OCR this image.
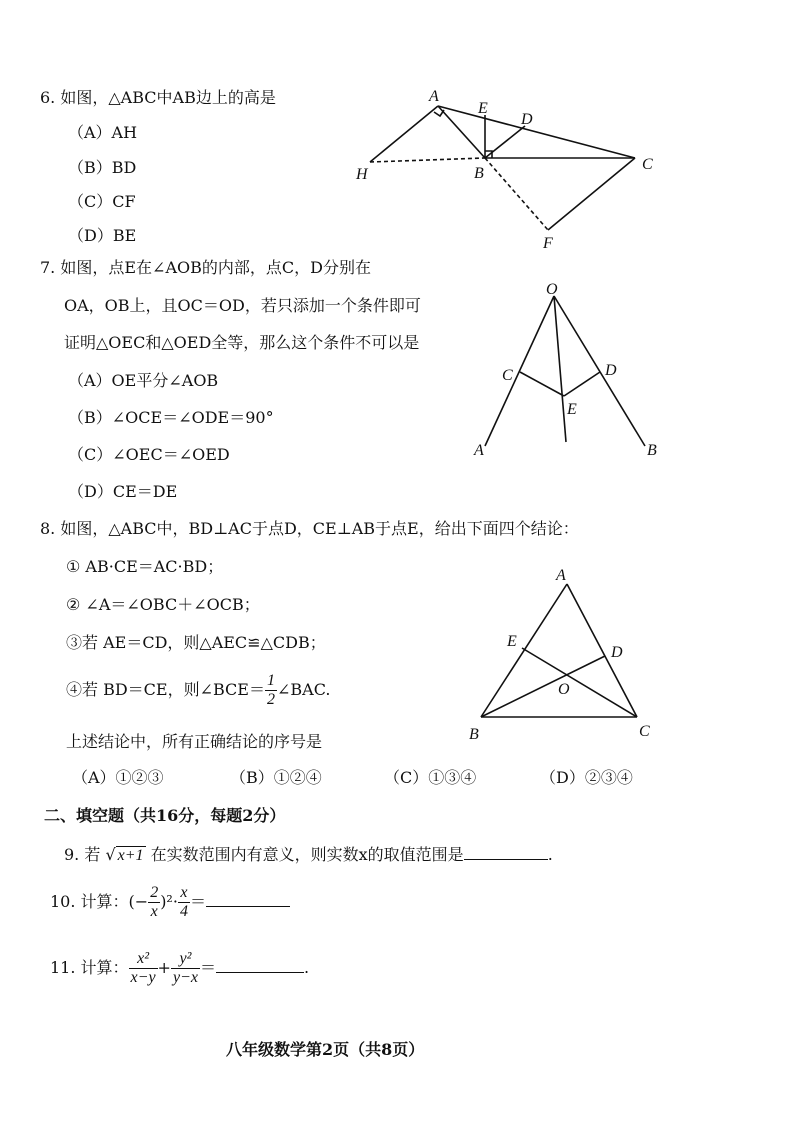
6. 如图，△ABC中AB边上的高是
（A）AH
（B）BD
（C）CF
（D）BE
A
E
D
C
H	B
F
O
C	D
E
A	B
A
E
D
O
B	C
7. 如图，点E在∠AOB的内部，点C，D分别在
OA，OB上，且OC＝OD，若只添加一个条件即可
证明△OEC和△OED全等，那么这个条件不可以是
（A）OE平分∠AOB
（B）∠OCE＝∠ODE＝90°
（C）∠OEC＝∠OED
（D）CE＝DE
8. 如图，△ABC中，BD⊥AC于点D，CE⊥AB于点E，给出下面四个结论：
① AB·CE＝AC·BD；
② ∠A＝∠OBC＋∠OCB；
③若 AE＝CD，则△AEC≌△CDB；
④若 BD＝CE，则∠BCE＝ $\frac{1}{2}$ ∠BAC.
上述结论中，所有正确结论的序号是
（A）①②③	（B）①②④	（C）①③④	（D）②③④
二、填空题（共16分，每题2分）
9. 若 √ x+1 在实数范围内有意义，则实数x的取值范围是	.
10. 计算：(− $\frac{2}{x} )^2\cdot \frac{x}{4}$ ＝
11. 计算： $\frac{\text{x²}}{x-y} + \frac{\text{y²}}{y-x}$ ＝	.
八年级数学第2页（共8页）
